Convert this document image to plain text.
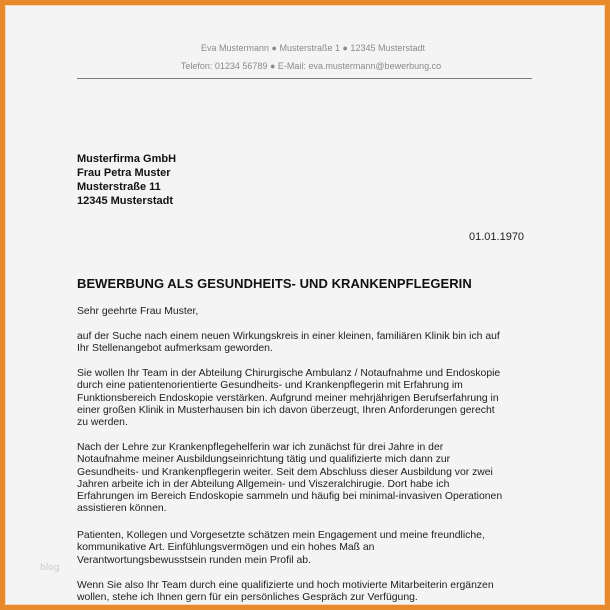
Eva Mustermann ● Musterstraße 1 ● 12345 Musterstadt
Telefon: 01234 56789 ● E-Mail: eva.mustermann@bewerbung.co
Musterfirma GmbH
Frau Petra Muster
Musterstraße 11
12345 Musterstadt
01.01.1970
BEWERBUNG ALS GESUNDHEITS- UND KRANKENPFLEGERIN

Sehr geehrte Frau Muster,

auf der Suche nach einem neuen Wirkungskreis in einer kleinen, familiären Klinik bin ich auf
Ihr Stellenangebot aufmerksam geworden.
Sie wollen Ihr Team in der Abteilung Chirurgische Ambulanz / Notaufnahme und Endoskopie
durch eine patientenorientierte Gesundheits- und Krankenpflegerin mit Erfahrung im
Funktionsbereich Endoskopie verstärken. Aufgrund meiner mehrjährigen Berufserfahrung in
einer großen Klinik in Musterhausen bin ich davon überzeugt, Ihren Anforderungen gerecht
zu werden.
Nach der Lehre zur Krankenpflegehelferin war ich zunächst für drei Jahre in der
Notaufnahme meiner Ausbildungseinrichtung tätig und qualifizierte mich dann zur
Gesundheits- und Krankenpflegerin weiter. Seit dem Abschluss dieser Ausbildung vor zwei
Jahren arbeite ich in der Abteilung Allgemein- und Viszeralchirugie. Dort habe ich
Erfahrungen im Bereich Endoskopie sammeln und häufig bei minimal-invasiven Operationen
assistieren können.
Patienten, Kollegen und Vorgesetzte schätzen mein Engagement und meine freundliche,
kommunikative Art. Einfühlungsvermögen und ein hohes Maß an
Verantwortungsbewusstsein runden mein Profil ab.
Wenn Sie also Ihr Team durch eine qualifizierte und hoch motivierte Mitarbeiterin ergänzen
wollen, stehe ich Ihnen gern für ein persönliches Gespräch zur Verfügung.
blog
